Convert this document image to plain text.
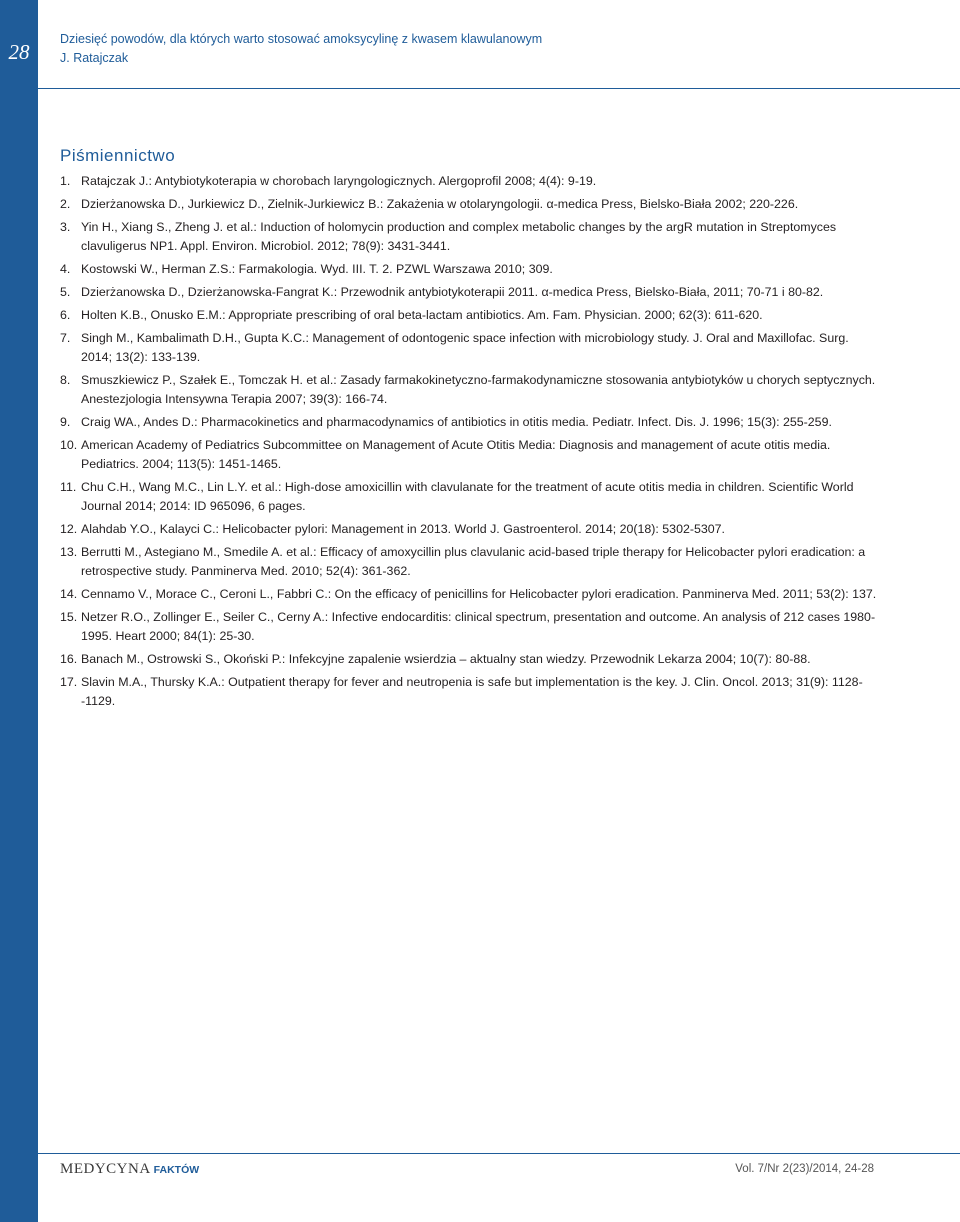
28
Dziesięć powodów, dla których warto stosować amoksycylinę z kwasem klawulanowym
J. Ratajczak
Piśmiennictwo
1. Ratajczak J.: Antybiotykoterapia w chorobach laryngologicznych. Alergoprofil 2008; 4(4): 9-19.
2. Dzierżanowska D., Jurkiewicz D., Zielnik-Jurkiewicz B.: Zakażenia w otolaryngologii. α-medica Press, Bielsko-Biała 2002; 220-226.
3. Yin H., Xiang S., Zheng J. et al.: Induction of holomycin production and complex metabolic changes by the argR mutation in Streptomyces clavuligerus NP1. Appl. Environ. Microbiol. 2012; 78(9): 3431-3441.
4. Kostowski W., Herman Z.S.: Farmakologia. Wyd. III. T. 2. PZWL Warszawa 2010; 309.
5. Dzierżanowska D., Dzierżanowska-Fangrat K.: Przewodnik antybiotykoterapii 2011. α-medica Press, Bielsko-Biała, 2011; 70-71 i 80-82.
6. Holten K.B., Onusko E.M.: Appropriate prescribing of oral beta-lactam antibiotics. Am. Fam. Physician. 2000; 62(3): 611-620.
7. Singh M., Kambalimath D.H., Gupta K.C.: Management of odontogenic space infection with microbiology study. J. Oral and Maxillofac. Surg. 2014; 13(2): 133-139.
8. Smuszkiewicz P., Szałek E., Tomczak H. et al.: Zasady farmakokinetyczno-farmakodynamiczne stosowania antybiotyków u chorych septycznych. Anestezjologia Intensywna Terapia 2007; 39(3): 166-74.
9. Craig WA., Andes D.: Pharmacokinetics and pharmacodynamics of antibiotics in otitis media. Pediatr. Infect. Dis. J. 1996; 15(3): 255-259.
10. American Academy of Pediatrics Subcommittee on Management of Acute Otitis Media: Diagnosis and management of acute otitis media. Pediatrics. 2004; 113(5): 1451-1465.
11. Chu C.H., Wang M.C., Lin L.Y. et al.: High-dose amoxicillin with clavulanate for the treatment of acute otitis media in children. Scientific World Journal 2014; 2014: ID 965096, 6 pages.
12. Alahdab Y.O., Kalayci C.: Helicobacter pylori: Management in 2013. World J. Gastroenterol. 2014; 20(18): 5302-5307.
13. Berrutti M., Astegiano M., Smedile A. et al.: Efficacy of amoxycillin plus clavulanic acid-based triple therapy for Helicobacter pylori eradication: a retrospective study. Panminerva Med. 2010; 52(4): 361-362.
14. Cennamo V., Morace C., Ceroni L., Fabbri C.: On the efficacy of penicillins for Helicobacter pylori eradication. Panminerva Med. 2011; 53(2): 137.
15. Netzer R.O., Zollinger E., Seiler C., Cerny A.: Infective endocarditis: clinical spectrum, presentation and outcome. An analysis of 212 cases 1980-1995. Heart 2000; 84(1): 25-30.
16. Banach M., Ostrowski S., Okoński P.: Infekcyjne zapalenie wsierdzia – aktualny stan wiedzy. Przewodnik Lekarza 2004; 10(7): 80-88.
17. Slavin M.A., Thursky K.A.: Outpatient therapy for fever and neutropenia is safe but implementation is the key. J. Clin. Oncol. 2013; 31(9): 1128--1129.
MEDYCYNA FAKTÓW	Vol. 7/Nr 2(23)/2014, 24-28
